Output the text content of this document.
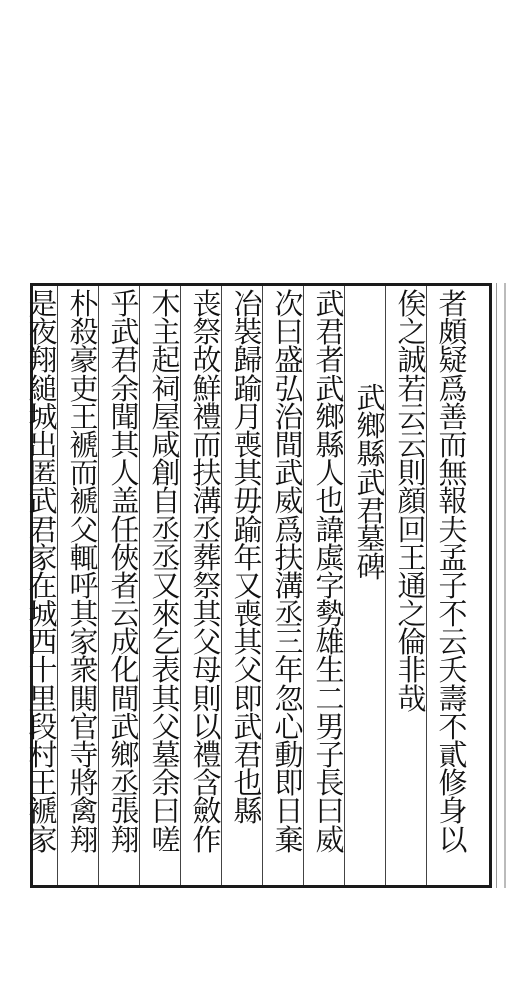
者
頗
疑
爲
善
而
無
報
夫
孟
子
不
云
夭
壽
不
貳
修
身
以
俟
之
誠
若
云
云
則
顔
回
王
通
之
倫
非
哉
武
鄉
縣
武
君
墓
碑
武
君
者
武
鄉
縣
人
也
諱
虡
字
勢
雄
生
二
男
子
長
曰
威
次
曰
盛
弘
治
間
武
威
爲
扶
溝
丞
三
年
忽
心
動
即
日
棄
冶
裝
歸
踰
月
喪
其
毋
踰
年
又
喪
其
父
即
武
君
也
縣
丧
祭
故
鮮
禮
而
扶
溝
丞
葬
祭
其
父
母
則
以
禮
含
斂
作
木
主
起
祠
屋
咸
創
自
丞
丞
又
來
乞
表
其
父
墓
余
曰
嗟
乎
武
君
余
聞
其
人
盖
任
俠
者
云
成
化
間
武
鄉
丞
張
翔
朴
殺
豪
吏
王
褫
而
褫
父
輒
呼
其
家
衆
閧
官
寺
將
禽
翔
是
夜
翔
縋
城
出
匿
武
君
家
在
城
西
十
里
段
村
王
褫
家
